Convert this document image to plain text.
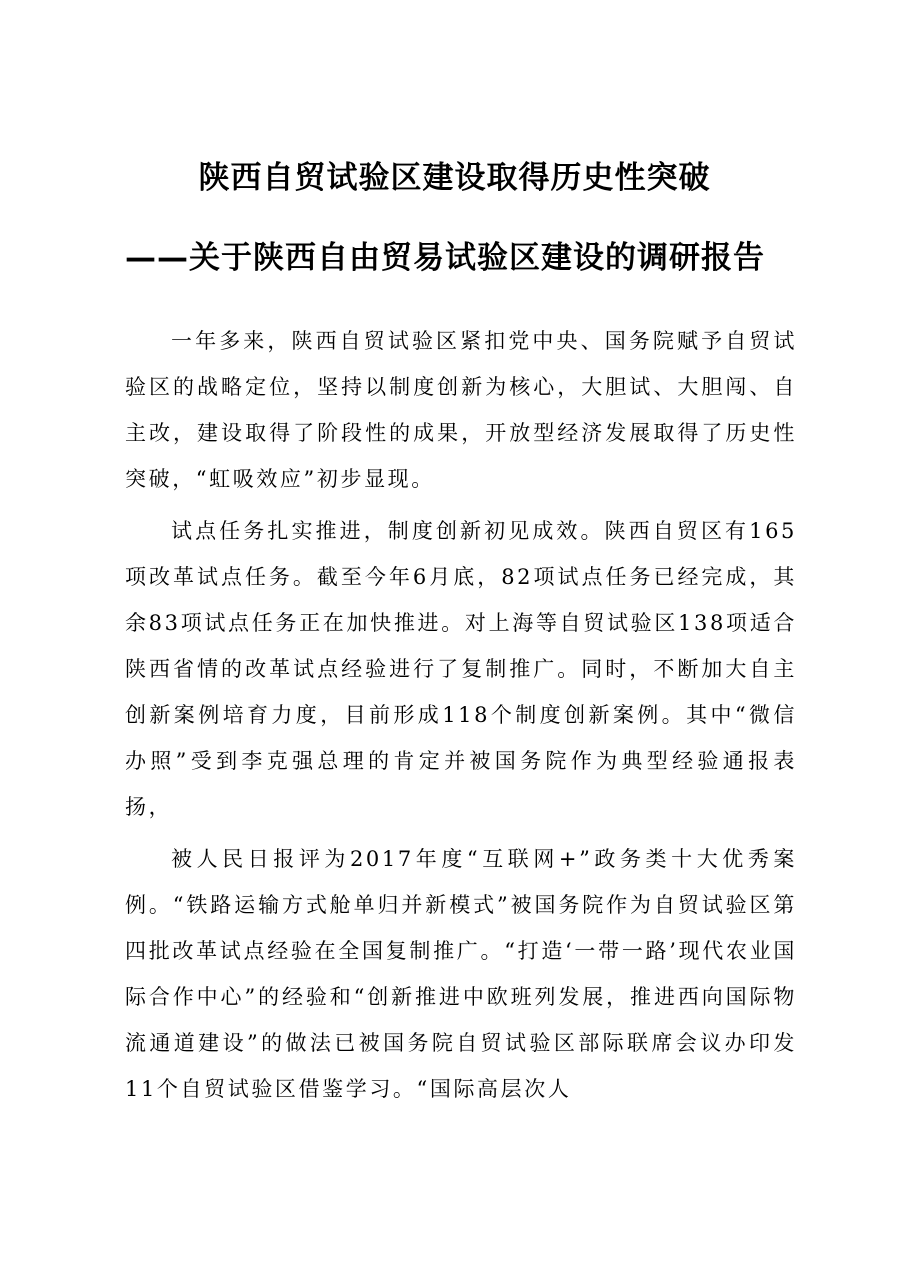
陕西自贸试验区建设取得历史性突破
——关于陕西自由贸易试验区建设的调研报告

一年多来，陕西自贸试验区紧扣党中央、国务院赋予自贸试验区的战略定位，坚持以制度创新为核心，大胆试、大胆闯、自主改，建设取得了阶段性的成果，开放型经济发展取得了历史性突破，“虹吸效应”初步显现。

试点任务扎实推进，制度创新初见成效。陕西自贸区有165项改革试点任务。截至今年6月底，82项试点任务已经完成，其余83项试点任务正在加快推进。对上海等自贸试验区138项适合陕西省情的改革试点经验进行了复制推广。同时，不断加大自主创新案例培育力度，目前形成118个制度创新案例。其中“微信办照”受到李克强总理的肯定并被国务院作为典型经验通报表扬，

被人民日报评为2017年度“互联网+”政务类十大优秀案例。“铁路运输方式舱单归并新模式”被国务院作为自贸试验区第四批改革试点经验在全国复制推广。“打造‘一带一路’现代农业国际合作中心”的经验和“创新推进中欧班列发展，推进西向国际物流通道建设”的做法已被国务院自贸试验区部际联席会议办印发11个自贸试验区借鉴学习。“国际高层次人
